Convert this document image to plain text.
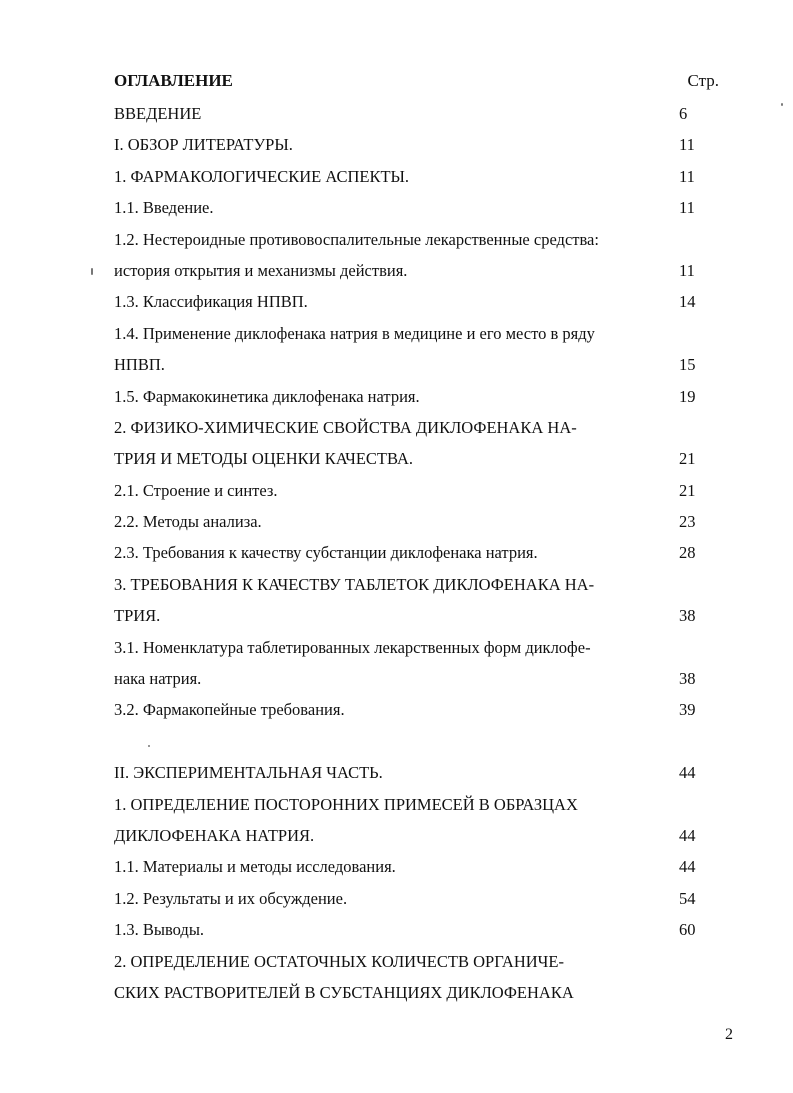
ОГЛАВЛЕНИЕ	Стр.
ВВЕДЕНИЕ	6
I. ОБЗОР ЛИТЕРАТУРЫ.	11
1. ФАРМАКОЛОГИЧЕСКИЕ АСПЕКТЫ.	11
1.1. Введение.	11
1.2. Нестероидные противовоспалительные лекарственные средства:
история открытия и механизмы действия.	11
1.3. Классификация НПВП.	14
1.4. Применение диклофенака натрия в медицине и его место в ряду
НПВП.	15
1.5. Фармакокинетика диклофенака натрия.	19
2. ФИЗИКО-ХИМИЧЕСКИЕ СВОЙСТВА ДИКЛОФЕНАКА НА-
ТРИЯ И МЕТОДЫ ОЦЕНКИ КАЧЕСТВА.	21
2.1. Строение и синтез.	21
2.2. Методы анализа.	23
2.3. Требования к качеству субстанции диклофенака натрия.	28
3. ТРЕБОВАНИЯ К КАЧЕСТВУ ТАБЛЕТОК ДИКЛОФЕНАКА НА-
ТРИЯ.	38
3.1. Номенклатура таблетированных лекарственных форм диклофе-
нака натрия.	38
3.2. Фармакопейные требования.	39
II. ЭКСПЕРИМЕНТАЛЬНАЯ ЧАСТЬ.	44
1. ОПРЕДЕЛЕНИЕ ПОСТОРОННИХ ПРИМЕСЕЙ В ОБРАЗЦАХ
ДИКЛОФЕНАКА НАТРИЯ.	44
1.1. Материалы и методы исследования.	44
1.2. Результаты и их обсуждение.	54
1.3. Выводы.	60
2. ОПРЕДЕЛЕНИЕ ОСТАТОЧНЫХ КОЛИЧЕСТВ ОРГАНИЧЕ-
СКИХ РАСТВОРИТЕЛЕЙ В СУБСТАНЦИЯХ ДИКЛОФЕНАКА
2
